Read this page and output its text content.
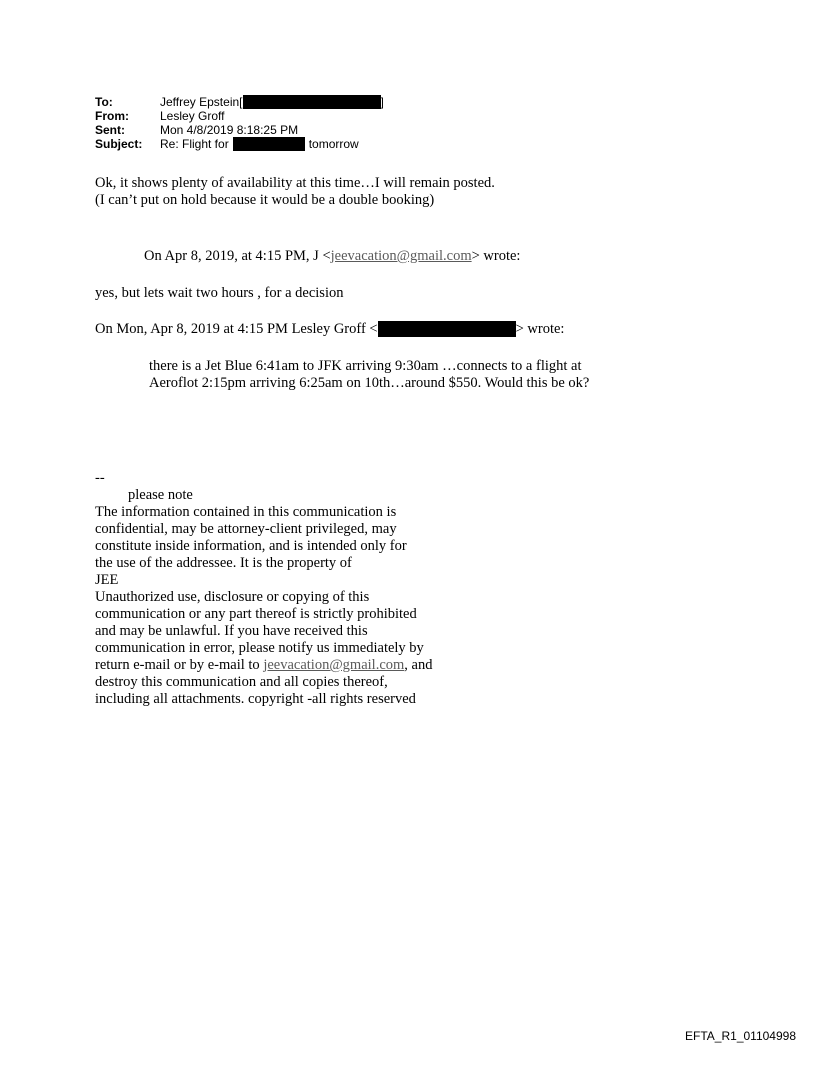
To:	Jeffrey Epstein[	]
From:	Lesley Groff
Sent:	Mon 4/8/2019 8:18:25 PM
Subject:	Re: Flight for	tomorrow
Ok, it shows plenty of availability at this time…I will remain posted.
(I can’t put on hold because it would be a double booking)
On Apr 8, 2019, at 4:15 PM, J <jeevacation@gmail.com> wrote:
yes, but lets wait two hours , for a decision
On Mon, Apr 8, 2019 at 4:15 PM Lesley Groff <	> wrote:
there is a Jet Blue 6:41am to JFK arriving 9:30am …connects to a flight at
Aeroflot 2:15pm arriving 6:25am on 10th…around $550. Would this be ok?
--
please note
The information contained in this communication is
confidential, may be attorney-client privileged, may
constitute inside information, and is intended only for
the use of the addressee. It is the property of
JEE
Unauthorized use, disclosure or copying of this
communication or any part thereof is strictly prohibited
and may be unlawful. If you have received this
communication in error, please notify us immediately by
return e-mail or by e-mail to jeevacation@gmail.com, and
destroy this communication and all copies thereof,
including all attachments. copyright -all rights reserved
EFTA_R1_01104998
